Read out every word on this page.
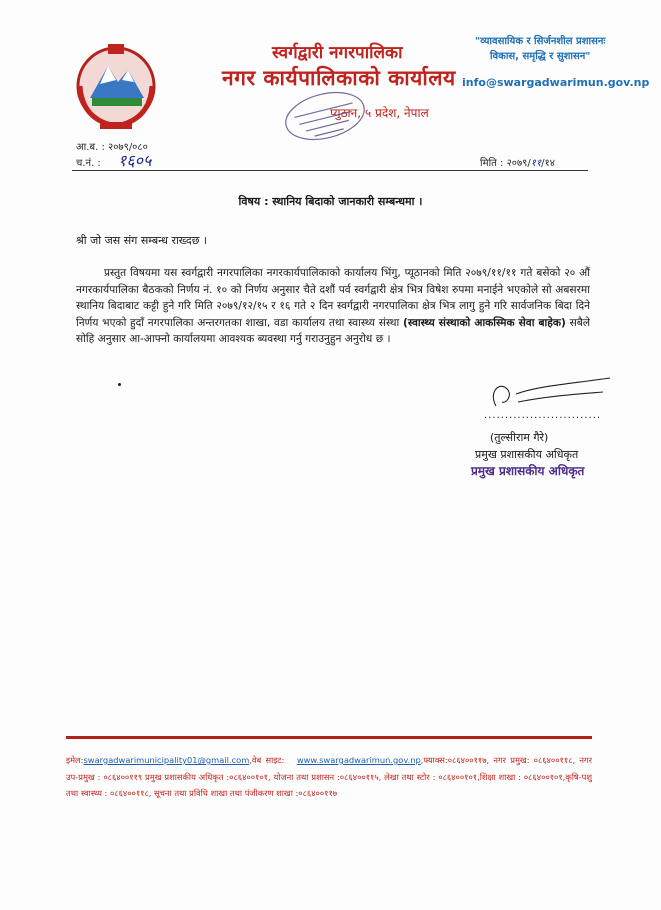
स्वर्गद्वारी नगरपालिका
नगर कार्यपालिकाको कार्यालय
प्युठान, ५ प्रदेश, नेपाल
"व्यावसायिक र सिर्जनशील प्रशासनः
विकास, समृद्धि र सुशासन"
info@swargadwarimun.gov.np
आ.ब. : २०७९/०८०
च.नं. : १६०५	मिति : २०७९/११/१४
विषय : स्थानिय बिदाको जानकारी सम्बन्धमा ।
श्री जो जस संग सम्बन्ध राख्दछ ।
प्रस्तुत विषयमा यस स्वर्गद्वारी नगरपालिका नगरकार्यपालिकाको कार्यालय भिंगु, प्यूठानको मिति २०७९/११/११ गते बसेको २० औं नगरकार्यपालिका बैठकको निर्णय नं. १० को निर्णय अनुसार चैते दशौं पर्व स्वर्गद्वारी क्षेत्र भित्र विषेश रुपमा मनाईने भएकोले सो अबसरमा स्थानिय बिदाबाट कट्टी हुने गरि मिति २०७९/१२/१५ र १६ गते २ दिन स्वर्गद्वारी नगरपालिका क्षेत्र भित्र लागु हुने गरि सार्वजनिक बिदा दिने निर्णय भएको हुदाँ नगरपालिका अन्तरगतका शाखा, वडा कार्यालय तथा स्वास्थ्य संस्था (स्वास्थ्य संस्थाको आकस्मिक सेवा बाहेक) सबैले सोहि अनुसार आ-आफ्नो कार्यालयमा आवश्यक ब्यवस्था गर्नु गराउनुहुन अनुरोध छ ।
............................
(तुल्सीराम गैरे)
प्रमुख प्रशासकीय अधिकृत
प्रमुख प्रशासकीय अधिकृत
इमेल:swargadwarimunicipality01@gmail.com,वेब साइट: www.swargadwarimun.gov.np,फ्याक्स:०८६४००११७, नगर प्रमुख: ०८६४००११८, नगर उप-प्रमुख : ०८६४००११९ प्रमुख प्रशासकीय अधिकृत :०८६४००१०१, योजना तथा प्रशासन :०८६४००११५, लेखा तथा स्टोर : ०८६४००१०१,शिक्षा शाखा : ०८६४००१०१,कृषि-पशु तथा स्वास्थ्य : ०८६४००११८, सूचना तथा प्रविधि शाखा तथा पंजीकरण शाखा :०८६४००११७
